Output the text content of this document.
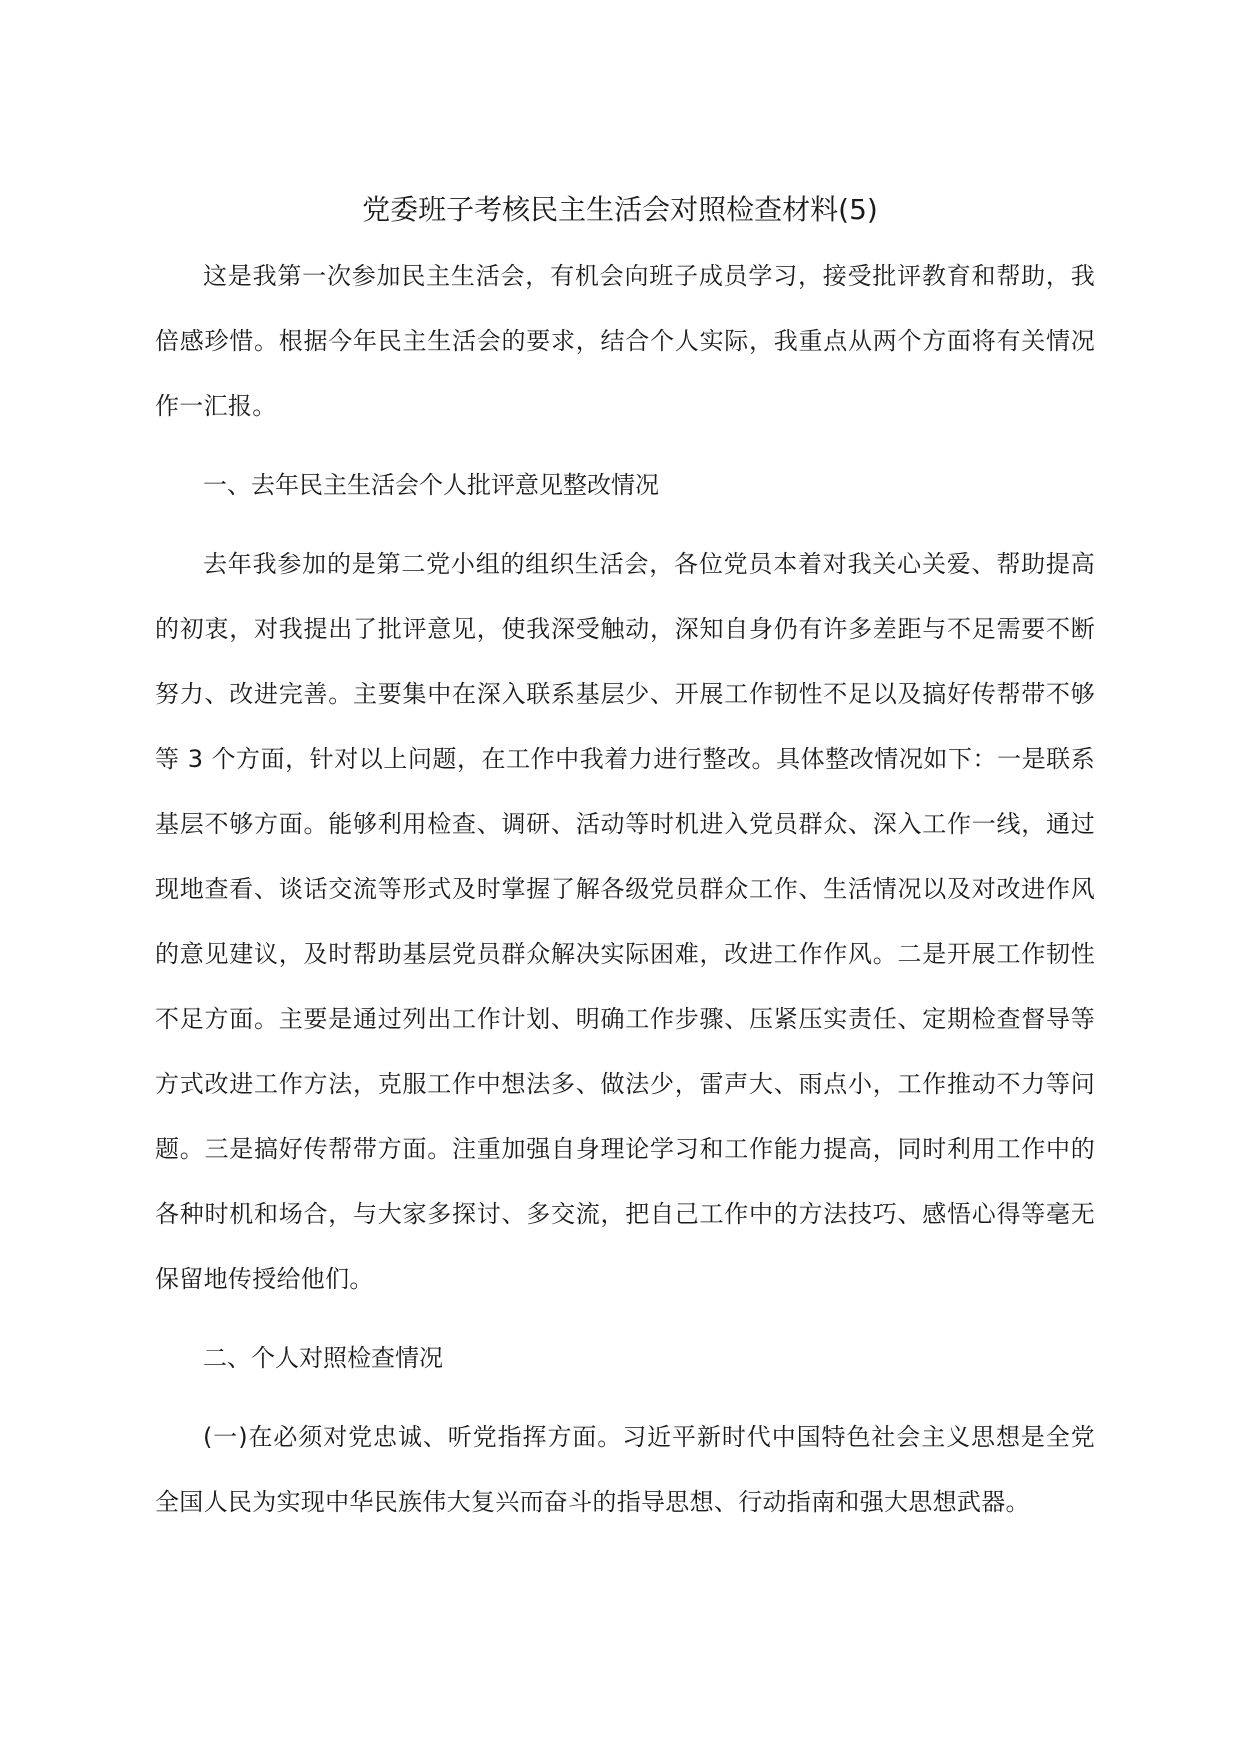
党委班子考核民主生活会对照检查材料(5)

这是我第一次参加民主生活会，有机会向班子成员学习，接受批评教育和帮助，我倍感珍惜。根据今年民主生活会的要求，结合个人实际，我重点从两个方面将有关情况作一汇报。

一、去年民主生活会个人批评意见整改情况

去年我参加的是第二党小组的组织生活会，各位党员本着对我关心关爱、帮助提高的初衷，对我提出了批评意见，使我深受触动，深知自身仍有许多差距与不足需要不断努力、改进完善。主要集中在深入联系基层少、开展工作韧性不足以及搞好传帮带不够等 3 个方面，针对以上问题，在工作中我着力进行整改。具体整改情况如下：一是联系基层不够方面。能够利用检查、调研、活动等时机进入党员群众、深入工作一线，通过现地查看、谈话交流等形式及时掌握了解各级党员群众工作、生活情况以及对改进作风的意见建议，及时帮助基层党员群众解决实际困难，改进工作作风。二是开展工作韧性不足方面。主要是通过列出工作计划、明确工作步骤、压紧压实责任、定期检查督导等方式改进工作方法，克服工作中想法多、做法少，雷声大、雨点小，工作推动不力等问题。三是搞好传帮带方面。注重加强自身理论学习和工作能力提高，同时利用工作中的各种时机和场合，与大家多探讨、多交流，把自己工作中的方法技巧、感悟心得等毫无保留地传授给他们。

二、个人对照检查情况

(一)在必须对党忠诚、听党指挥方面。习近平新时代中国特色社会主义思想是全党全国人民为实现中华民族伟大复兴而奋斗的指导思想、行动指南和强大思想武器。
